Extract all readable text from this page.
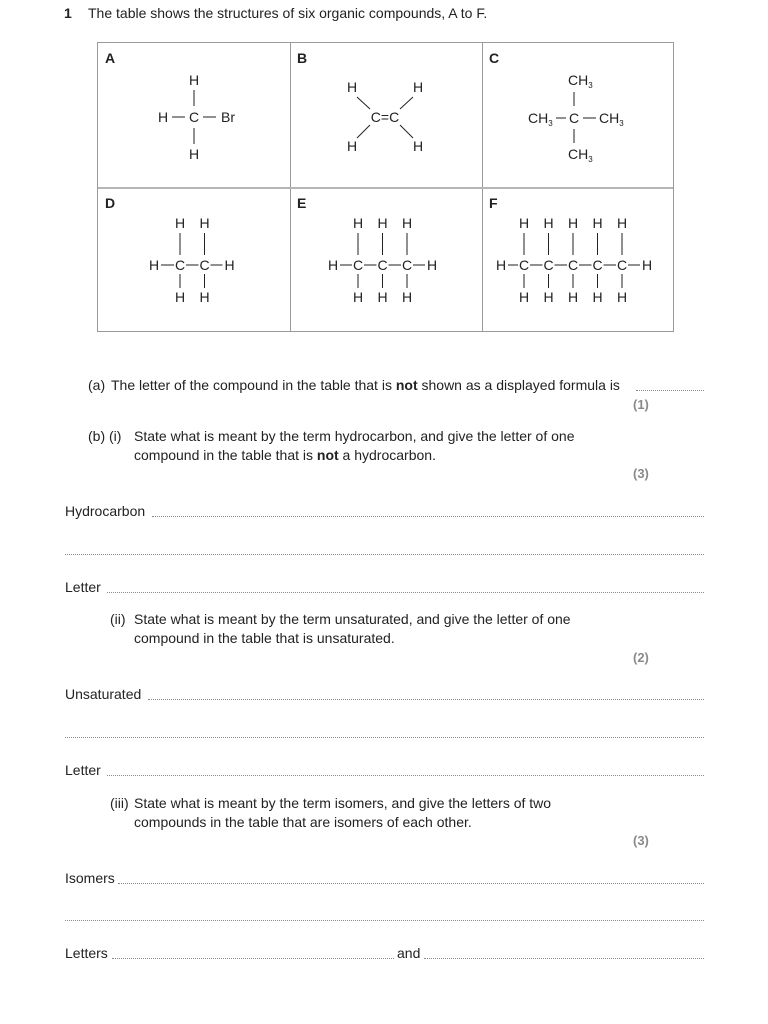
1 The table shows the structures of six organic compounds, A to F.
A
H
H C Br
H
B
H	H
C=C
H	H
C
$CH_3$
$CH_3$ C $CH_3$
$CH_3$
D
H
H
C
H
H
C
H
H
E
H
H
C
H
H
C
H
H
C
H
H
F
H
H
C
H
H
C
H
H
C
H
H
C
H
H
C
H
H
(a) The letter of the compound in the table that is not shown as a displayed formula is
(1)
(b) (i) State what is meant by the term hydrocarbon, and give the letter of one
compound in the table that is not a hydrocarbon.
(3)
Hydrocarbon
Letter
(ii) State what is meant by the term unsaturated, and give the letter of one
compound in the table that is unsaturated.
(2)
Unsaturated
Letter
(iii) State what is meant by the term isomers, and give the letters of two
compounds in the table that are isomers of each other.
(3)
Isomers
Letters	and
